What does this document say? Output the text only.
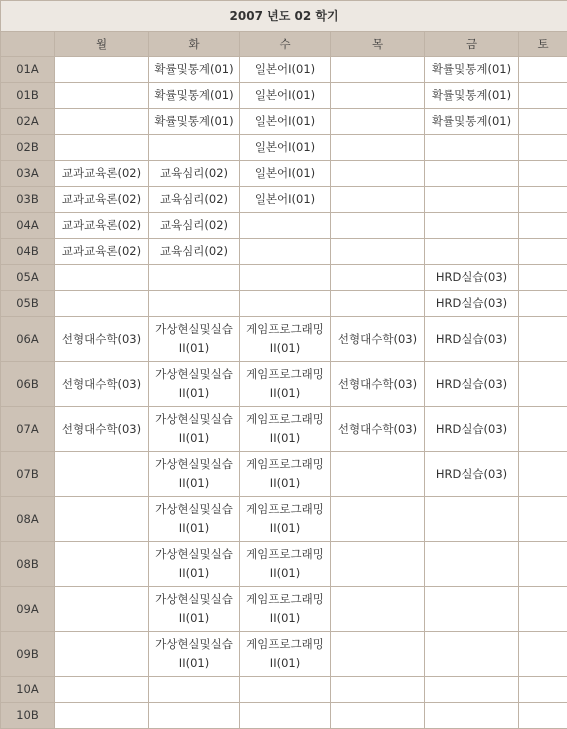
2007 년도 02 학기						
	월	화	수	목	금	토
01A		확률및통계(01)	일본어Ⅰ(01)		확률및통계(01)	
01B		확률및통계(01)	일본어Ⅰ(01)		확률및통계(01)	
02A		확률및통계(01)	일본어Ⅰ(01)		확률및통계(01)	
02B			일본어Ⅰ(01)			
03A	교과교육론(02)	교육심리(02)	일본어Ⅰ(01)			
03B	교과교육론(02)	교육심리(02)	일본어Ⅰ(01)			
04A	교과교육론(02)	교육심리(02)				
04B	교과교육론(02)	교육심리(02)				
05A					HRD실습(03)	
05B					HRD실습(03)	
06A	선형대수학(03)	가상현실및실습 II(01)	게임프로그래밍 II(01)	선형대수학(03)	HRD실습(03)	
06B	선형대수학(03)	가상현실및실습 II(01)	게임프로그래밍 II(01)	선형대수학(03)	HRD실습(03)	
07A	선형대수학(03)	가상현실및실습 II(01)	게임프로그래밍 II(01)	선형대수학(03)	HRD실습(03)	
07B		가상현실및실습 II(01)	게임프로그래밍 II(01)		HRD실습(03)	
08A		가상현실및실습 II(01)	게임프로그래밍 II(01)			
08B		가상현실및실습 II(01)	게임프로그래밍 II(01)			
09A		가상현실및실습 II(01)	게임프로그래밍 II(01)			
09B		가상현실및실습 II(01)	게임프로그래밍 II(01)			
10A						
10B						
